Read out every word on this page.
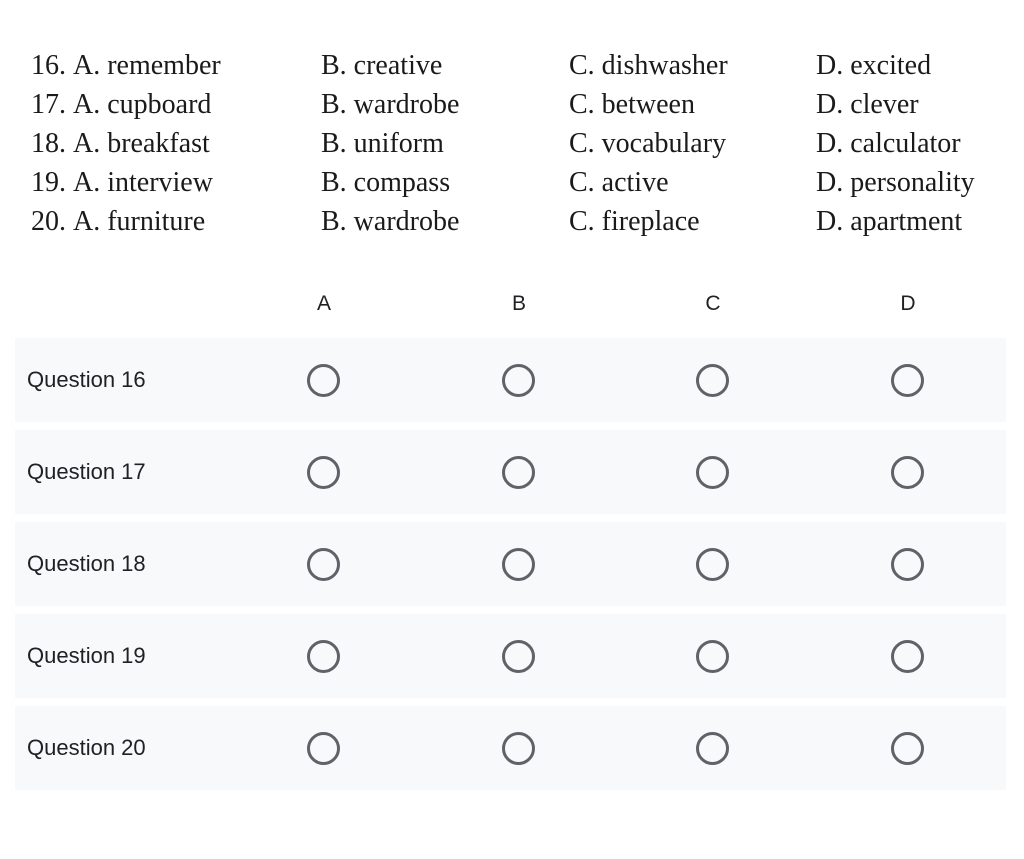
16. A. remember	B. creative	C. dishwasher	D. excited
17. A. cupboard	B. wardrobe	C. between	D. clever
18. A. breakfast	B. uniform	C. vocabulary	D. calculator
19. A. interview	B. compass	C. active	D. personality
20. A. furniture	B. wardrobe	C. fireplace	D. apartment
A	B	C	D
Question 16
Question 17
Question 18
Question 19
Question 20
